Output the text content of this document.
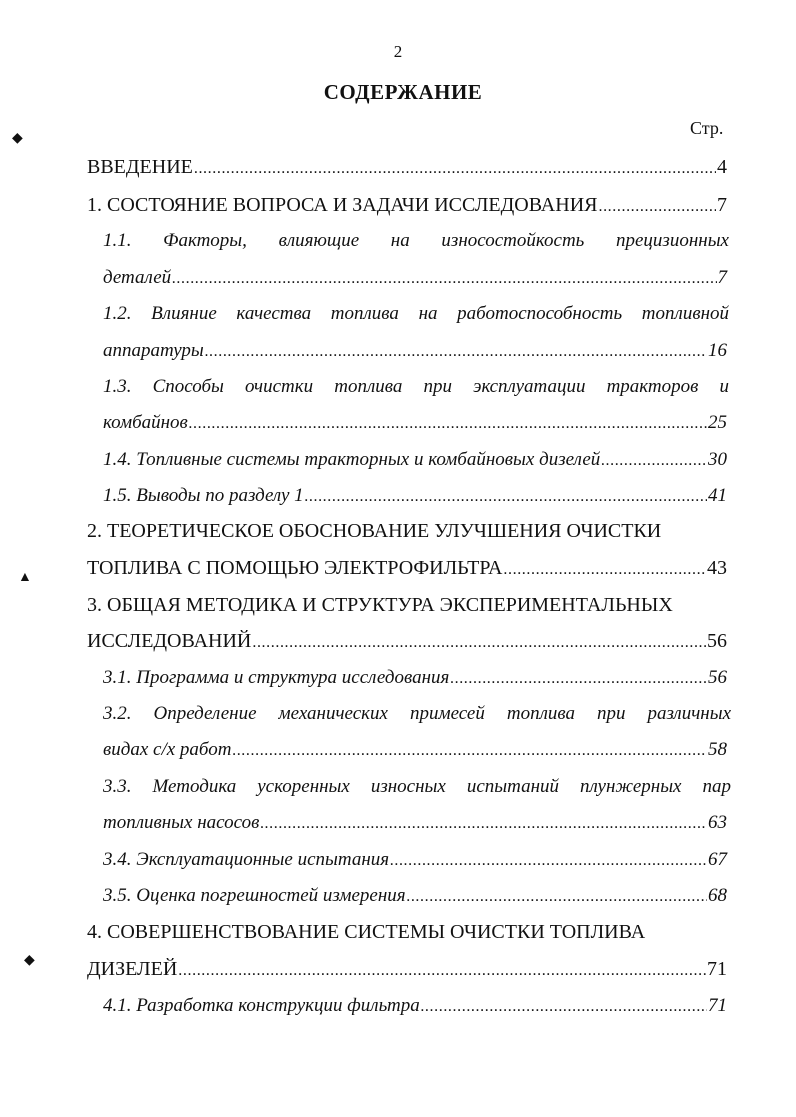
2
СОДЕРЖАНИЕ
Стр.
◆
▲
◆
ВВЕДЕНИЕ .....	4
1. СОСТОЯНИЕ ВОПРОСА И ЗАДАЧИ ИССЛЕДОВАНИЯ .....	7
1.1. Факторы, влияющие на износостойкость прецизионных
деталей .....	7
1.2. Влияние качества топлива на работоспособность топливной
аппаратуры .....	16
1.3. Способы очистки топлива при эксплуатации тракторов и
комбайнов .....	25
1.4. Топливные системы тракторных и комбайновых дизелей .....	30
1.5. Выводы по разделу 1 .....	41
2. ТЕОРЕТИЧЕСКОЕ ОБОСНОВАНИЕ УЛУЧШЕНИЯ ОЧИСТКИ
ТОПЛИВА С ПОМОЩЬЮ ЭЛЕКТРОФИЛЬТРА .....	43
3. ОБЩАЯ МЕТОДИКА И СТРУКТУРА ЭКСПЕРИМЕНТАЛЬНЫХ
ИССЛЕДОВАНИЙ .....	56
3.1. Программа и структура исследования .....	56
3.2. Определение механических примесей топлива при различных
видах с/х работ .....	58
3.3. Методика ускоренных износных испытаний плунжерных пар
топливных насосов .....	63
3.4. Эксплуатационные испытания .....	67
3.5. Оценка погрешностей измерения .....	68
4. СОВЕРШЕНСТВОВАНИЕ СИСТЕМЫ ОЧИСТКИ ТОПЛИВА
ДИЗЕЛЕЙ .....	71
4.1. Разработка конструкции фильтра .....	71
